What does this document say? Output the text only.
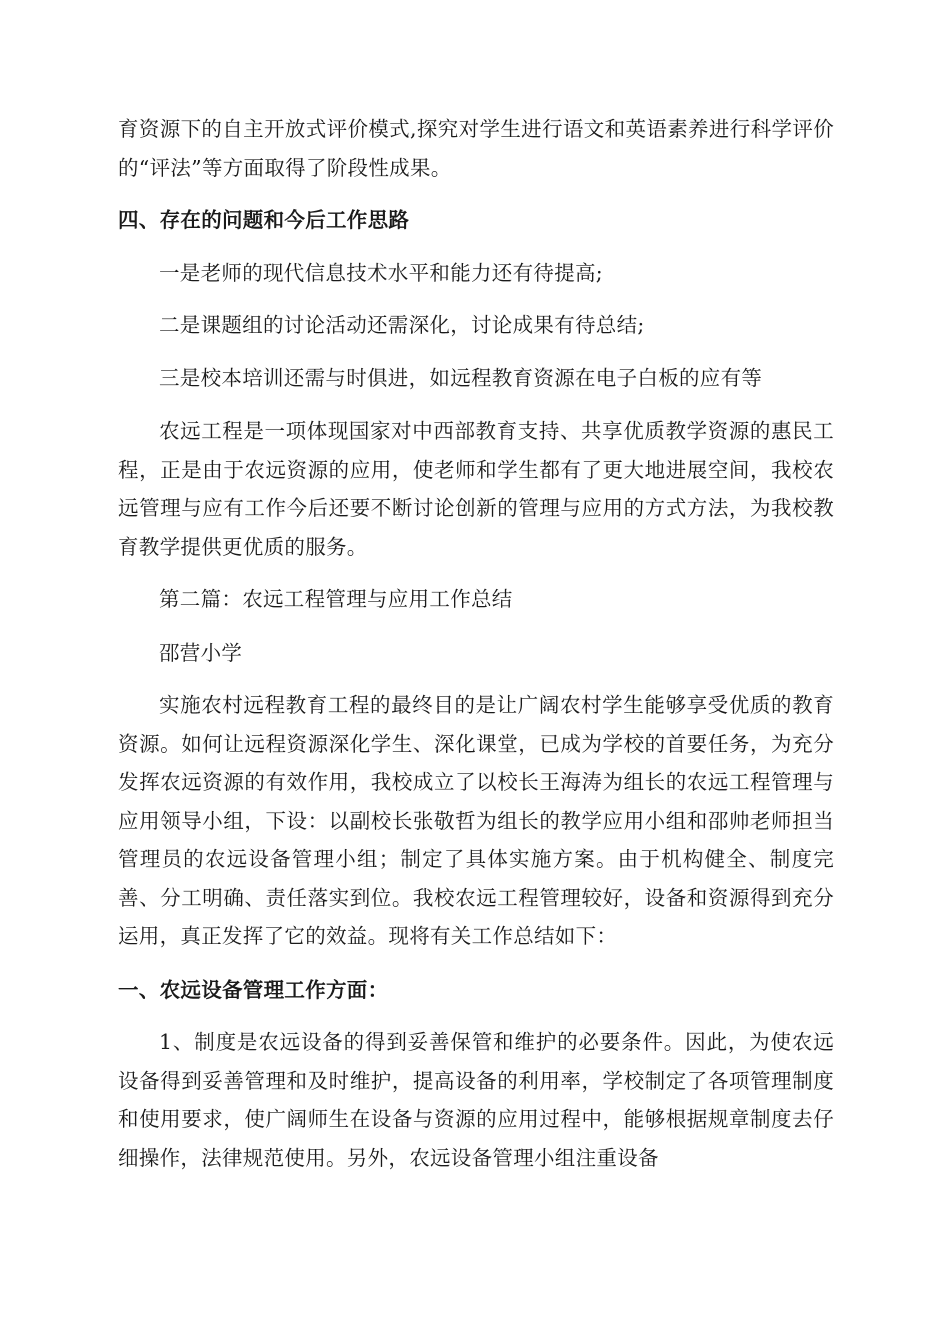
育资源下的自主开放式评价模式,探究对学生进行语文和英语素养进行科学评价的“评法”等方面取得了阶段性成果。

四、存在的问题和今后工作思路

一是老师的现代信息技术水平和能力还有待提高;

二是课题组的讨论活动还需深化，讨论成果有待总结;

三是校本培训还需与时俱进，如远程教育资源在电子白板的应有等

农远工程是一项体现国家对中西部教育支持、共享优质教学资源的惠民工程，正是由于农远资源的应用，使老师和学生都有了更大地进展空间，我校农远管理与应有工作今后还要不断讨论创新的管理与应用的方式方法，为我校教育教学提供更优质的服务。

第二篇：农远工程管理与应用工作总结

邵营小学

实施农村远程教育工程的最终目的是让广阔农村学生能够享受优质的教育资源。如何让远程资源深化学生、深化课堂，已成为学校的首要任务，为充分发挥农远资源的有效作用，我校成立了以校长王海涛为组长的农远工程管理与应用领导小组，下设：以副校长张敬哲为组长的教学应用小组和邵帅老师担当管理员的农远设备管理小组；制定了具体实施方案。由于机构健全、制度完善、分工明确、责任落实到位。我校农远工程管理较好，设备和资源得到充分运用，真正发挥了它的效益。现将有关工作总结如下：

一、农远设备管理工作方面：

1、制度是农远设备的得到妥善保管和维护的必要条件。因此，为使农远设备得到妥善管理和及时维护，提高设备的利用率，学校制定了各项管理制度和使用要求，使广阔师生在设备与资源的应用过程中，能够根据规章制度去仔细操作，法律规范使用。另外，农远设备管理小组注重设备
